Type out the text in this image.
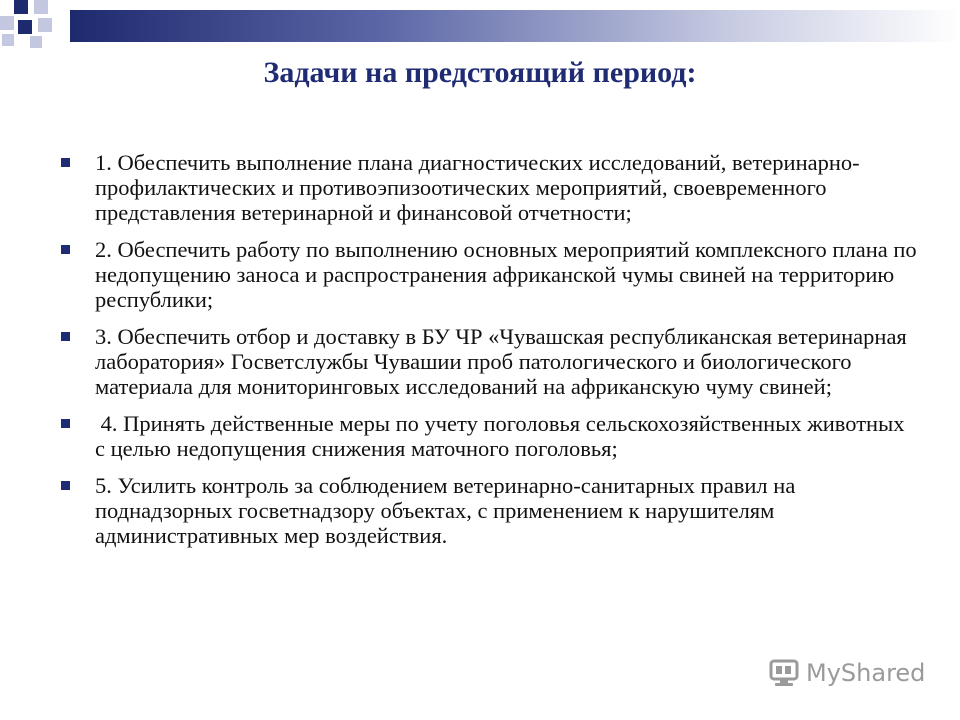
Задачи на предстоящий период:
1. Обеспечить выполнение плана диагностических исследований, ветеринарно-профилактических и противоэпизоотических мероприятий, своевременного представления ветеринарной и финансовой отчетности;
2. Обеспечить работу по выполнению основных мероприятий комплексного плана по недопущению заноса и распространения африканской чумы свиней на территорию республики;
3. Обеспечить отбор и доставку в БУ ЧР «Чувашская республиканская ветеринарная лаборатория» Госветслужбы Чувашии проб патологического и биологического материала для мониторинговых исследований на африканскую чуму свиней;
4. Принять действенные меры по учету поголовья сельскохозяйственных животных с целью недопущения снижения маточного поголовья;
5. Усилить контроль за соблюдением ветеринарно-санитарных правил на поднадзорных госветнадзору объектах, с применением к нарушителям административных мер воздействия.
MyShared
